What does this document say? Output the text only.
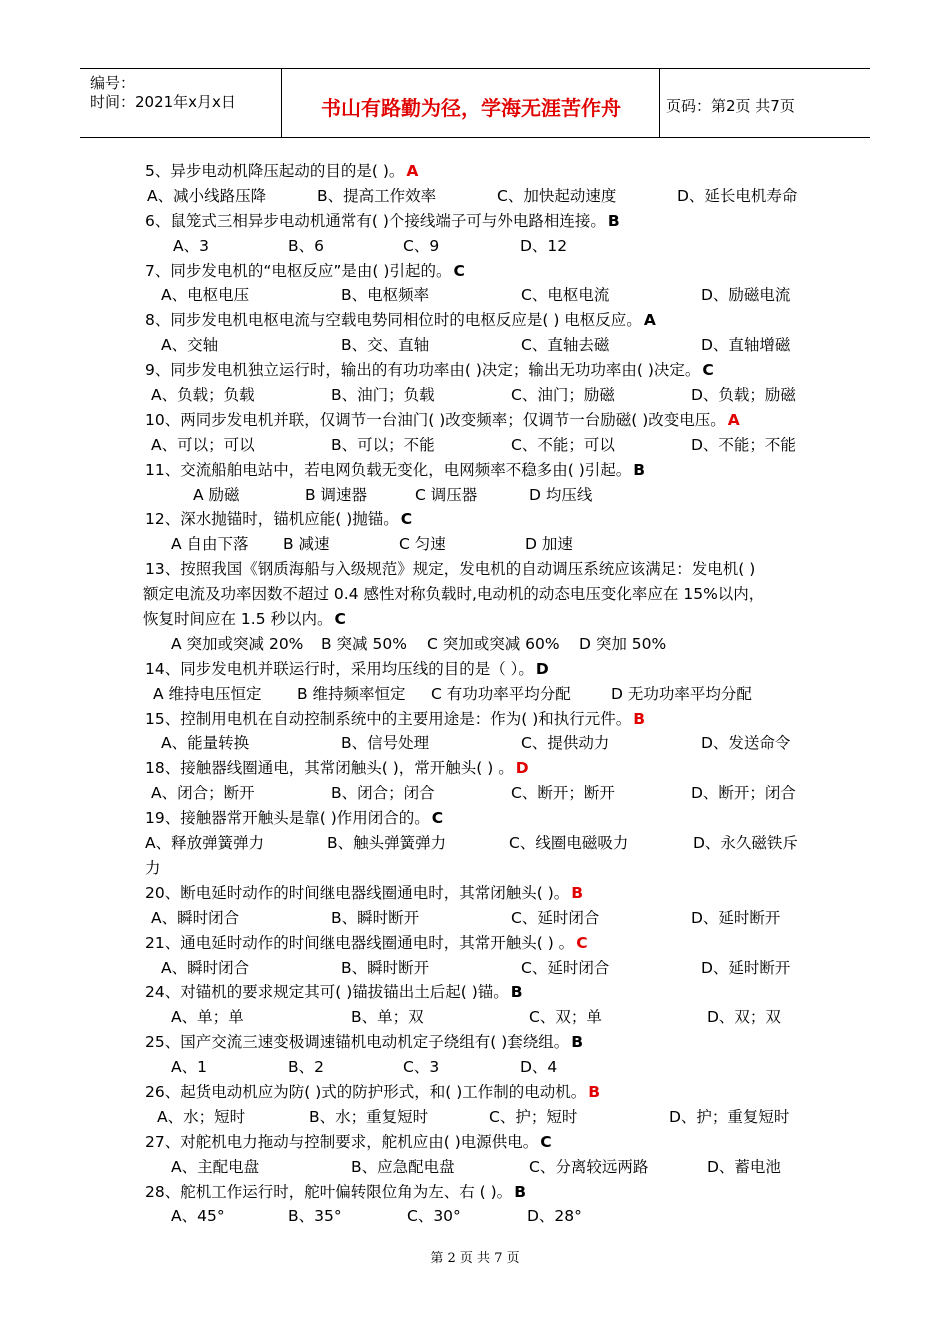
编号：
时间：2021年x月x日	书山有路勤为径，学海无涯苦作舟	页码：第2页 共7页
5、异步电动机降压起动的目的是( )。 A
A、减小线路压降	B、提高工作效率	C、加快起动速度	D、延长电机寿命
6、鼠笼式三相异步电动机通常有( )个接线端子可与外电路相连接。 B
A、3	B、6	C、9	D、12
7、同步发电机的“电枢反应”是由( )引起的。 C
A、电枢电压	B、电枢频率	C、电枢电流	D、励磁电流
8、同步发电机电枢电流与空载电势同相位时的电枢反应是( ) 电枢反应。 A
A、交轴	B、交、直轴	C、直轴去磁	D、直轴增磁
9、同步发电机独立运行时，输出的有功功率由( )决定；输出无功功率由( )决定。 C
A、负载；负载	B、油门；负载	C、油门；励磁	D、负载；励磁
10、两同步发电机并联，仅调节一台油门( )改变频率；仅调节一台励磁( )改变电压。 A
A、可以；可以	B、可以；不能	C、不能；可以	D、不能；不能
11、交流船舶电站中，若电网负载无变化，电网频率不稳多由( )引起。 B
A 励磁	B 调速器	C 调压器	D 均压线
12、深水抛锚时，锚机应能( )抛锚。 C
A 自由下落 B 减速	C 匀速	D 加速
13、按照我国《钢质海船与入级规范》规定，发电机的自动调压系统应该满足：发电机( )
额定电流及功率因数不超过 0.4 感性对称负载时,电动机的动态电压变化率应在 15%以内，
恢复时间应在 1.5 秒以内。 C
A 突加或突减 20% B 突减 50% C 突加或突减 60% D 突加 50%
14、同步发电机并联运行时，采用均压线的目的是（ ）。 D
A 维持电压恒定 B 维持频率恒定 C 有功功率平均分配	D 无功功率平均分配
15、控制用电机在自动控制系统中的主要用途是：作为( )和执行元件。 B
A、能量转换	B、信号处理	C、提供动力	D、发送命令
18、接触器线圈通电，其常闭触头( )，常开触头( ) 。 D
A、闭合；断开	B、闭合；闭合	C、断开；断开	D、断开；闭合
19、接触器常开触头是靠( )作用闭合的。 C
A、释放弹簧弹力	B、触头弹簧弹力	C、线圈电磁吸力	D、永久磁铁斥
力
20、断电延时动作的时间继电器线圈通电时，其常闭触头( )。 B
A、瞬时闭合	B、瞬时断开	C、延时闭合	D、延时断开
21、通电延时动作的时间继电器线圈通电时，其常开触头( ) 。 C
A、瞬时闭合	B、瞬时断开	C、延时闭合	D、延时断开
24、对锚机的要求规定其可( )锚拔锚出土后起( )锚。 B
A、单；单	B、单；双	C、双；单	D、双；双
25、国产交流三速变极调速锚机电动机定子绕组有( )套绕组。 B
A、1	B、2	C、3	D、4
26、起货电动机应为防( )式的防护形式，和( )工作制的电动机。 B
A、水；短时	B、水；重复短时	C、护；短时	D、护；重复短时
27、对舵机电力拖动与控制要求，舵机应由( )电源供电。 C
A、主配电盘	B、应急配电盘	C、分离较远两路	D、蓄电池
28、舵机工作运行时，舵叶偏转限位角为左、右 ( )。 B
A、45°	B、35°	C、30°	D、28°
第 2 页 共 7 页
